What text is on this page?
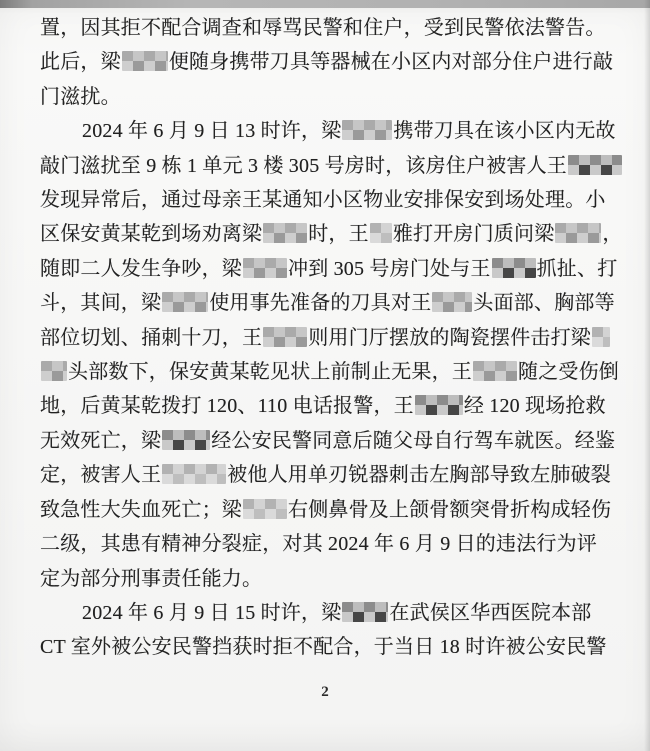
置，因其拒不配合调查和辱骂民警和住户，受到民警依法警告。
此后，梁 便随身携带刀具等器械在小区内对部分住户进行敲
门滋扰。
2024 年 6 月 9 日 13 时许，梁	携带刀具在该小区内无故
敲门滋扰至 9 栋 1 单元 3 楼 305 号房时，该房住户被害人王
发现异常后，通过母亲王某通知小区物业安排保安到场处理。小
区保安黄某乾到场劝离梁 时，王 雅打开房门质问梁 ，
随即二人发生争吵，梁 冲到 305 号房门处与王 抓扯、打
斗，其间，梁 使用事先准备的刀具对王 头面部、胸部等
部位切划、捅刺十刀，王 则用门厅摆放的陶瓷摆件击打梁
头部数下，保安黄某乾见状上前制止无果，王 随之受伤倒
地，后黄某乾拨打 120、110 电话报警，王	经 120 现场抢救
无效死亡，梁	经公安民警同意后随父母自行驾车就医。经鉴
定，被害人王	被他人用单刃锐器刺击左胸部导致左肺破裂
致急性大失血死亡；梁 右侧鼻骨及上颌骨额突骨折构成轻伤
二级，其患有精神分裂症，对其 2024 年 6 月 9 日的违法行为评
定为部分刑事责任能力。
2024 年 6 月 9 日 15 时许，梁 在武侯区华西医院本部
CT 室外被公安民警挡获时拒不配合，于当日 18 时许被公安民警
2
